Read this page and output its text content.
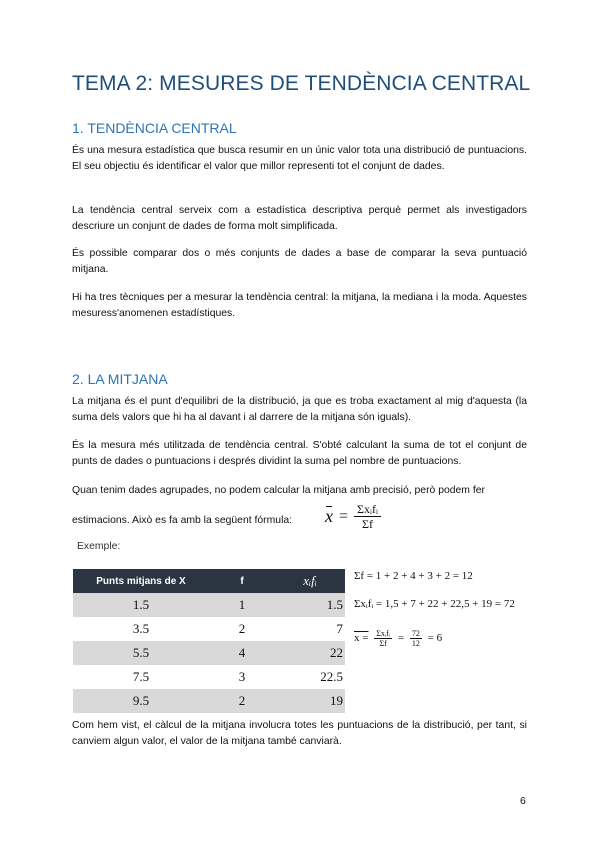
TEMA 2: MESURES DE TENDÈNCIA CENTRAL
1. TENDÈNCIA CENTRAL

És una mesura estadística que busca resumir en un únic valor tota una distribució de puntuacions. El seu objectiu és identificar el valor que millor representi tot el conjunt de dades.

La tendència central serveix com a estadística descriptiva perquè permet als investigadors descriure un conjunt de dades de forma molt simplificada.

És possible comparar dos o més conjunts de dades a base de comparar la seva puntuació mitjana.

Hi ha tres tècniques per a mesurar la tendència central: la mitjana, la mediana i la moda. Aquestes mesuress'anomenen estadístiques.

2. LA MITJANA

La mitjana és el punt d'equilibri de la distribució, ja que es troba exactament al mig d'aquesta (la suma dels valors que hi ha al davant i al darrere de la mitjana són iguals).

És la mesura més utilitzada de tendència central. S'obté calculant la suma de tot el conjunt de punts de dades o puntuacions i després dividint la suma pel nombre de puntuacions.

Quan tenim dades agrupades, no podem calcular la mitjana amb precisió, però podem fer

estimacions. Això es fa amb la següent fórmula:	$x = \frac{\text{Σxᵢfᵢ}}{\Sigma f}$
Exemple:
Punts mitjans de X	f	xᵢfᵢ
1.5	1	1.5
3.5	2	7
5.5	4	22
7.5	3	22.5
9.5	2	19
Σf = 1 + 2 + 4 + 3 + 2 = 12
Σxᵢfᵢ = 1,5 + 7 + 22 + 22,5 + 19 = 72
$x = \frac{\text{Σxᵢfᵢ}}{\Sigma f} = \frac{72}{12} = 6$

Com hem vist, el càlcul de la mitjana involucra totes les puntuacions de la distribució, per tant, si canviem algun valor, el valor de la mitjana també canviarà.

6
